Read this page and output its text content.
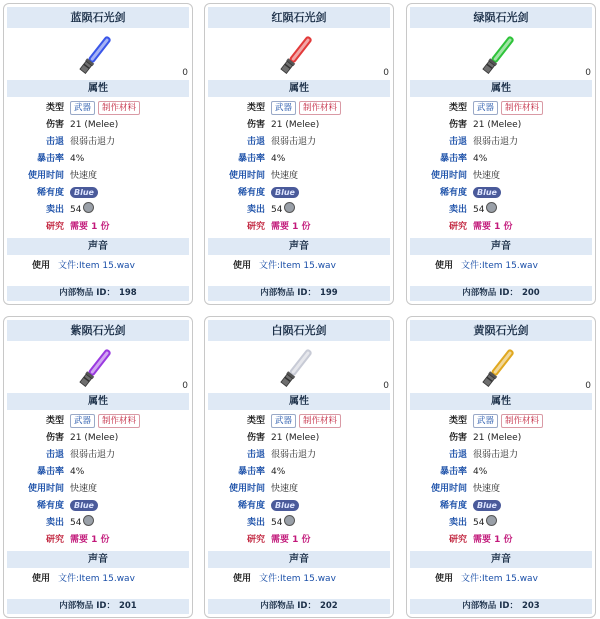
蓝陨石光剑
0
属性
类型	武器 制作材料
伤害 21 (Melee)
击退 很弱击退力
暴击率 4%
使用时间 快速度
稀有度	Blue
卖出 54
研究 需要 1 份
声音
使用 文件:Item 15.wav
内部物品 ID： 198
红陨石光剑
0
属性
类型	武器 制作材料
伤害 21 (Melee)
击退 很弱击退力
暴击率 4%
使用时间 快速度
稀有度	Blue
卖出 54
研究 需要 1 份
声音
使用 文件:Item 15.wav
内部物品 ID： 199
绿陨石光剑
0
属性
类型	武器 制作材料
伤害 21 (Melee)
击退 很弱击退力
暴击率 4%
使用时间 快速度
稀有度	Blue
卖出 54
研究 需要 1 份
声音
使用 文件:Item 15.wav
内部物品 ID： 200
紫陨石光剑
0
属性
类型	武器 制作材料
伤害 21 (Melee)
击退 很弱击退力
暴击率 4%
使用时间 快速度
稀有度	Blue
卖出 54
研究 需要 1 份
声音
使用 文件:Item 15.wav
内部物品 ID： 201
白陨石光剑
0
属性
类型	武器 制作材料
伤害 21 (Melee)
击退 很弱击退力
暴击率 4%
使用时间 快速度
稀有度	Blue
卖出 54
研究 需要 1 份
声音
使用 文件:Item 15.wav
内部物品 ID： 202
黄陨石光剑
0
属性
类型	武器 制作材料
伤害 21 (Melee)
击退 很弱击退力
暴击率 4%
使用时间 快速度
稀有度	Blue
卖出 54
研究 需要 1 份
声音
使用 文件:Item 15.wav
内部物品 ID： 203
